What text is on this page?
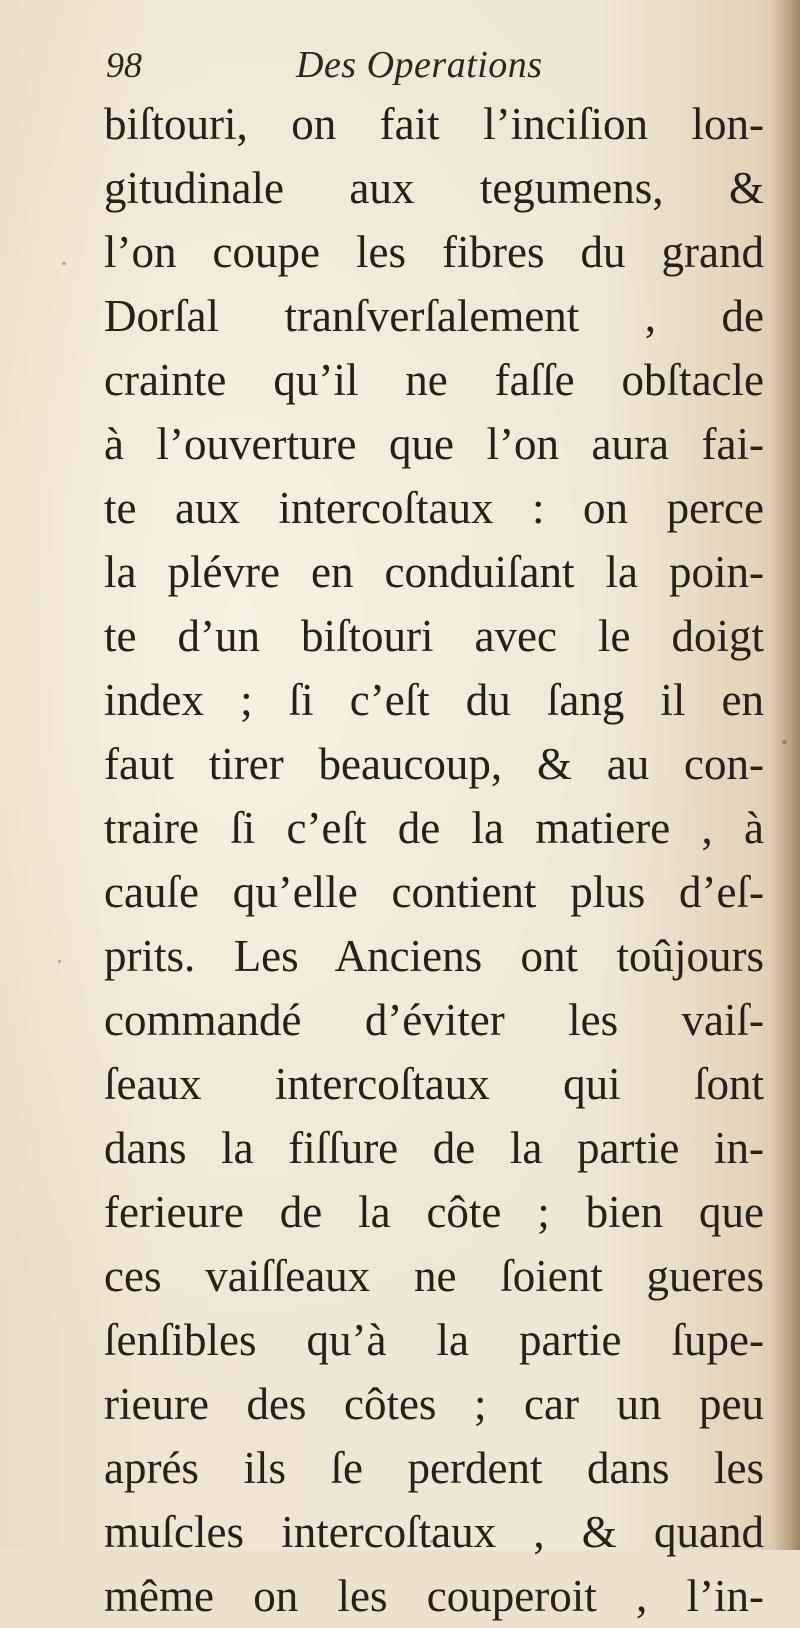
98	Des Operations
biſtouri, on fait l’inciſion lon-
gitudinale aux tegumens, &
l’on coupe les fibres du grand
Dorſal tranſverſalement , de
crainte qu’il ne faſſe obſtacle
à l’ouverture que l’on aura fai-
te aux intercoſtaux : on perce
la plévre en conduiſant la poin-
te d’un biſtouri avec le doigt
index ; ſi c’eſt du ſang il en
faut tirer beaucoup, & au con-
traire ſi c’eſt de la matiere , à
cauſe qu’elle contient plus d’eſ-
prits. Les Anciens ont toûjours
commandé d’éviter les vaiſ-
ſeaux intercoſtaux qui ſont
dans la fiſſure de la partie in-
ferieure de la côte ; bien que
ces vaiſſeaux ne ſoient gueres
ſenſibles qu’à la partie ſupe-
rieure des côtes ; car un peu
aprés ils ſe perdent dans les
muſcles intercoſtaux , & quand
même on les couperoit , l’in-
